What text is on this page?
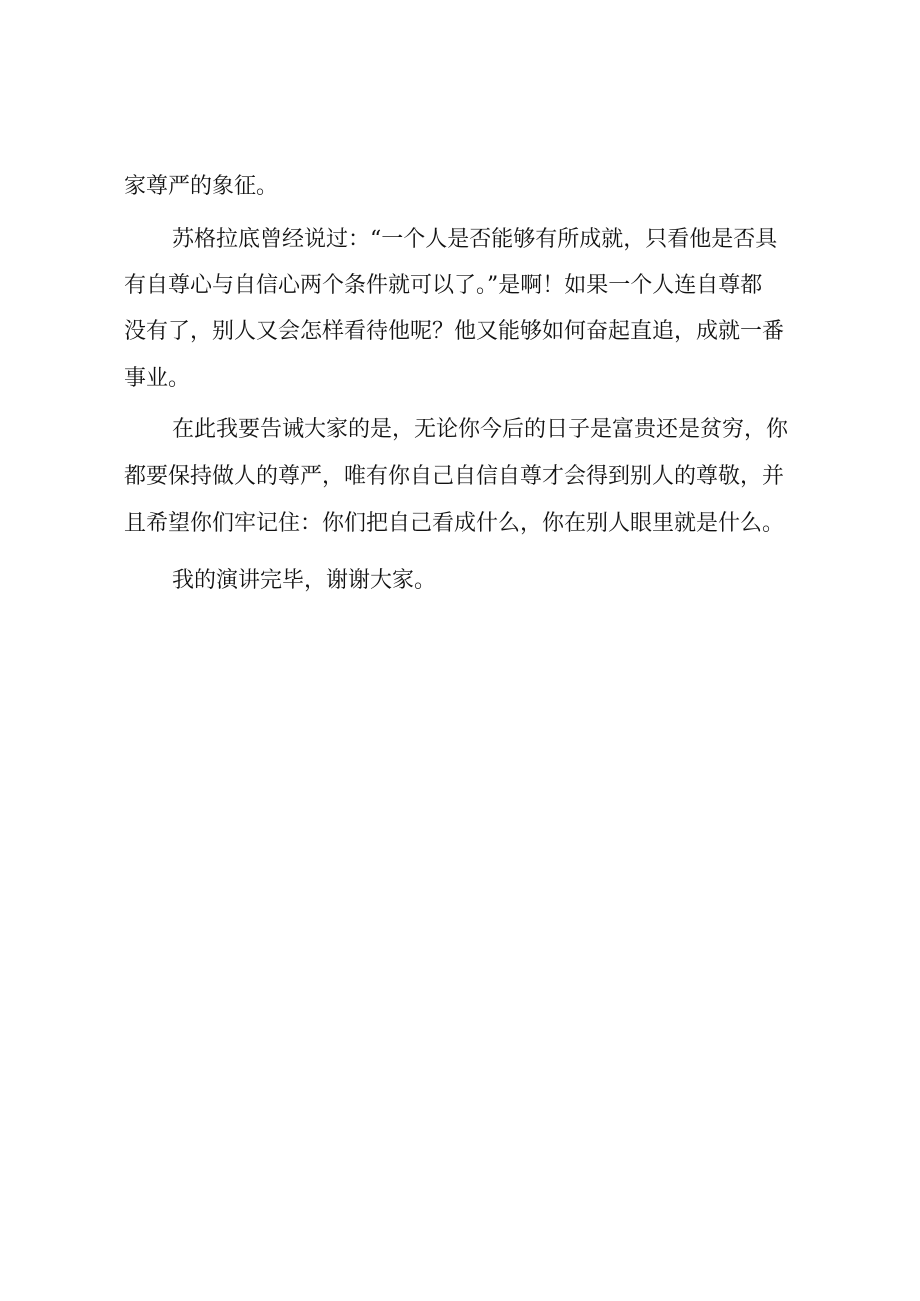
家尊严的象征。
苏格拉底曾经说过：“一个人是否能够有所成就，只看他是否具
有自尊心与自信心两个条件就可以了。”是啊！如果一个人连自尊都
没有了，别人又会怎样看待他呢？他又能够如何奋起直追，成就一番
事业。
在此我要告诫大家的是，无论你今后的日子是富贵还是贫穷，你
都要保持做人的尊严，唯有你自己自信自尊才会得到别人的尊敬，并
且希望你们牢记住：你们把自己看成什么，你在别人眼里就是什么。
我的演讲完毕，谢谢大家。
